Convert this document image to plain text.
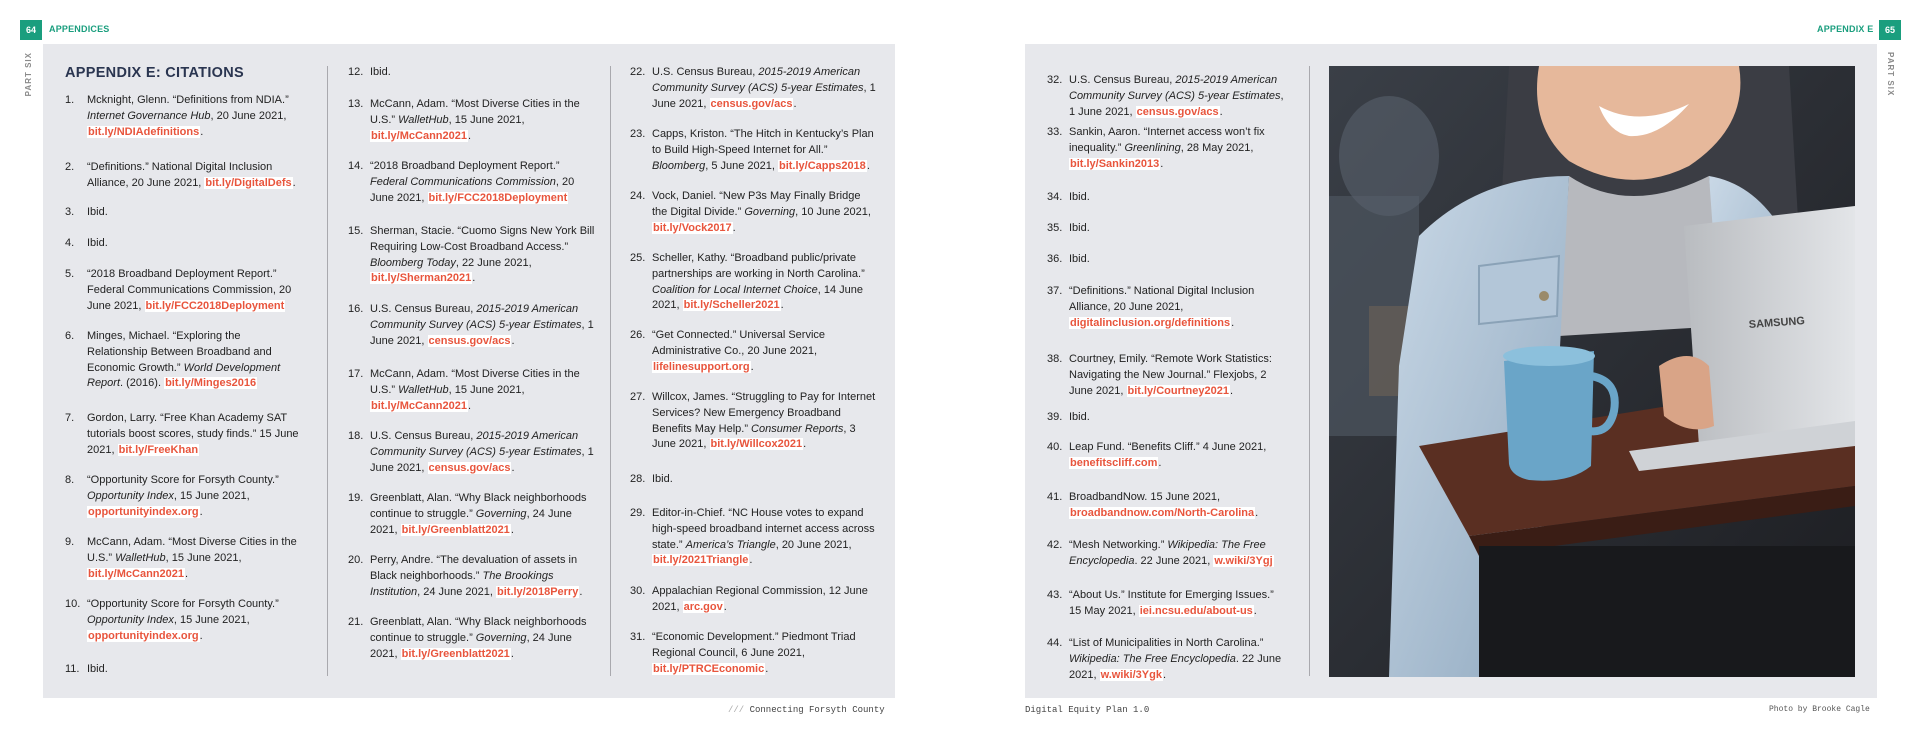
64	APPENDICES
PART SIX APPENDIX E: CITATIONS
APPENDIX E	65
PART SIX
SAMSUNG
1.	Mcknight, Glenn. “Definitions from NDIA.” Internet Governance Hub, 20 June 2021, bit.ly/NDIAdefinitions.
2.	“Definitions.” National Digital Inclusion Alliance, 20 June 2021, bit.ly/DigitalDefs.
3.	Ibid.
4.	Ibid.
5.	“2018 Broadband Deployment Report.” Federal Communications Commission, 20 June 2021, bit.ly/FCC2018Deployment
6.	Minges, Michael. “Exploring the Relationship Between Broadband and Economic Growth.” World Development Report. (2016). bit.ly/Minges2016
7.	Gordon, Larry. “Free Khan Academy SAT tutorials boost scores, study finds.” 15 June 2021, bit.ly/FreeKhan
8.	“Opportunity Score for Forsyth County.” Opportunity Index, 15 June 2021, opportunityindex.org.
9.	McCann, Adam. “Most Diverse Cities in the U.S.” WalletHub, 15 June 2021, bit.ly/McCann2021.
10. “Opportunity Score for Forsyth County.” Opportunity Index, 15 June 2021, opportunityindex.org.
11. Ibid.
12. Ibid.
13. McCann, Adam. “Most Diverse Cities in the U.S.” WalletHub, 15 June 2021, bit.ly/McCann2021.
14. “2018 Broadband Deployment Report.” Federal Communications Commission, 20 June 2021, bit.ly/FCC2018Deployment
15. Sherman, Stacie. “Cuomo Signs New York Bill Requiring Low-Cost Broadband Access.” Bloomberg Today, 22 June 2021, bit.ly/Sherman2021.
16. U.S. Census Bureau, 2015-2019 American Community Survey (ACS) 5-year Estimates, 1 June 2021, census.gov/acs.
17. McCann, Adam. “Most Diverse Cities in the U.S.” WalletHub, 15 June 2021, bit.ly/McCann2021.
18. U.S. Census Bureau, 2015-2019 American Community Survey (ACS) 5-year Estimates, 1 June 2021, census.gov/acs.
19. Greenblatt, Alan. “Why Black neighborhoods continue to struggle.” Governing, 24 June 2021, bit.ly/Greenblatt2021.
20. Perry, Andre. “The devaluation of assets in Black neighborhoods.” The Brookings Institution, 24 June 2021, bit.ly/2018Perry.
21. Greenblatt, Alan. “Why Black neighborhoods continue to struggle.” Governing, 24 June 2021, bit.ly/Greenblatt2021.
22. U.S. Census Bureau, 2015-2019 American Community Survey (ACS) 5-year Estimates, 1 June 2021, census.gov/acs.
23. Capps, Kriston. “The Hitch in Kentucky’s Plan to Build High-Speed Internet for All.” Bloomberg, 5 June 2021, bit.ly/Capps2018.
24. Vock, Daniel. “New P3s May Finally Bridge the Digital Divide.” Governing, 10 June 2021, bit.ly/Vock2017.
25. Scheller, Kathy. “Broadband public/private partnerships are working in North Carolina.” Coalition for Local Internet Choice, 14 June 2021, bit.ly/Scheller2021.
26. “Get Connected.” Universal Service Administrative Co., 20 June 2021, lifelinesupport.org.
27. Willcox, James. “Struggling to Pay for Internet Services? New Emergency Broadband Benefits May Help.” Consumer Reports, 3 June 2021, bit.ly/Willcox2021.
28. Ibid.
29. Editor-in-Chief. “NC House votes to expand high-speed broadband internet access across state.” America’s Triangle, 20 June 2021, bit.ly/2021Triangle.
30. Appalachian Regional Commission, 12 June 2021, arc.gov.
31. “Economic Development.” Piedmont Triad Regional Council, 6 June 2021, bit.ly/PTRCEconomic.
32. U.S. Census Bureau, 2015-2019 American Community Survey (ACS) 5-year Estimates, 1 June 2021, census.gov/acs.
33. Sankin, Aaron. “Internet access won’t fix inequality.” Greenlining, 28 May 2021, bit.ly/Sankin2013.
34. Ibid.
35. Ibid.
36. Ibid.
37. “Definitions.” National Digital Inclusion Alliance, 20 June 2021, digitalinclusion.org/definitions.
38. Courtney, Emily. “Remote Work Statistics: Navigating the New Journal.” Flexjobs, 2 June 2021, bit.ly/Courtney2021.
39. Ibid.
40. Leap Fund. “Benefits Cliff.” 4 June 2021, benefitscliff.com.
41. BroadbandNow. 15 June 2021, broadbandnow.com/North-Carolina.
42. “Mesh Networking.” Wikipedia: The Free Encyclopedia. 22 June 2021, w.wiki/3Ygj
43. “About Us.” Institute for Emerging Issues.” 15 May 2021, iei.ncsu.edu/about-us.
44. “List of Municipalities in North Carolina.” Wikipedia: The Free Encyclopedia. 22 June 2021, w.wiki/3Ygk.
/// Connecting Forsyth County	Digital Equity Plan 1.0	Photo by Brooke Cagle
